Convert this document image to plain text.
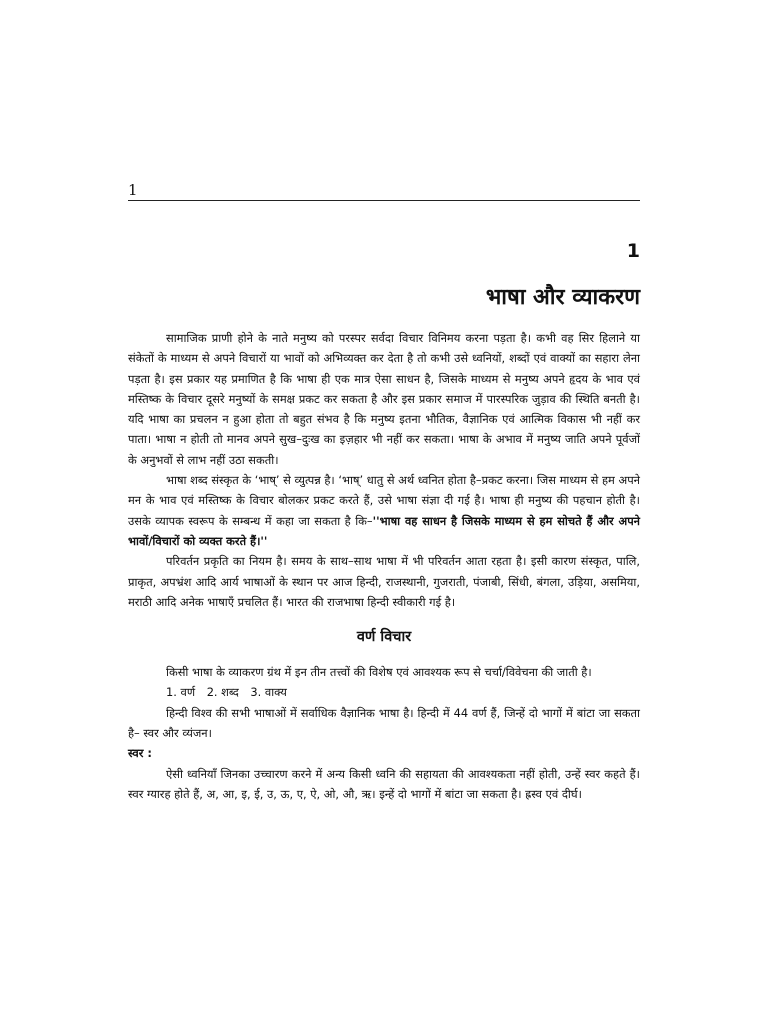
1
1
भाषा और व्याकरण

सामाजिक प्राणी होने के नाते मनुष्य को परस्पर सर्वदा विचार विनिमय करना पड़ता है। कभी वह सिर हिलाने या संकेतों के माध्यम से अपने विचारों या भावों को अभिव्यक्त कर देता है तो कभी उसे ध्वनियों, शब्दों एवं वाक्यों का सहारा लेना पड़ता है। इस प्रकार यह प्रमाणित है कि भाषा ही एक मात्र ऐसा साधन है, जिसके माध्यम से मनुष्य अपने हृदय के भाव एवं मस्तिष्क के विचार दूसरे मनुष्यों के समक्ष प्रकट कर सकता है और इस प्रकार समाज में पारस्परिक जुड़ाव की स्थिति बनती है। यदि भाषा का प्रचलन न हुआ होता तो बहुत संभव है कि मनुष्य इतना भौतिक, वैज्ञानिक एवं आत्मिक विकास भी नहीं कर पाता। भाषा न होती तो मानव अपने सुख–दुःख का इज़हार भी नहीं कर सकता। भाषा के अभाव में मनुष्य जाति अपने पूर्वजों के अनुभवों से लाभ नहीं उठा सकती।

भाषा शब्द संस्कृत के ‘भाष्’ से व्युत्पन्न है। ‘भाष्’ धातु से अर्थ ध्वनित होता है–प्रकट करना। जिस माध्यम से हम अपने मन के भाव एवं मस्तिष्क के विचार बोलकर प्रकट करते हैं, उसे भाषा संज्ञा दी गई है। भाषा ही मनुष्य की पहचान होती है। उसके व्यापक स्वरूप के सम्बन्ध में कहा जा सकता है कि–''भाषा वह साधन है जिसके माध्यम से हम सोचते हैं और अपने भावों/विचारों को व्यक्त करते हैं।''

परिवर्तन प्रकृति का नियम है। समय के साथ–साथ भाषा में भी परिवर्तन आता रहता है। इसी कारण संस्कृत, पालि, प्राकृत, अपभ्रंश आदि आर्य भाषाओं के स्थान पर आज हिन्दी, राजस्थानी, गुजराती, पंजाबी, सिंधी, बंगला, उड़िया, असमिया, मराठी आदि अनेक भाषाएँ प्रचलित हैं। भारत की राजभाषा हिन्दी स्वीकारी गई है।

वर्ण विचार

किसी भाषा के व्याकरण ग्रंथ में इन तीन तत्त्वों की विशेष एवं आवश्यक रूप से चर्चा/विवेचना की जाती है।

1. वर्ण 2. शब्द 3. वाक्य

हिन्दी विश्व की सभी भाषाओं में सर्वाधिक वैज्ञानिक भाषा है। हिन्दी में 44 वर्ण हैं, जिन्हें दो भागों में बांटा जा सकता है– स्वर और व्यंजन।

स्वर :

ऐसी ध्वनियाँ जिनका उच्चारण करने में अन्य किसी ध्वनि की सहायता की आवश्यकता नहीं होती, उन्हें स्वर कहते हैं। स्वर ग्यारह होते हैं, अ, आ, इ, ई, उ, ऊ, ए, ऐ, ओ, औ, ऋ। इन्हें दो भागों में बांटा जा सकता है। ह्रस्व एवं दीर्घ।
